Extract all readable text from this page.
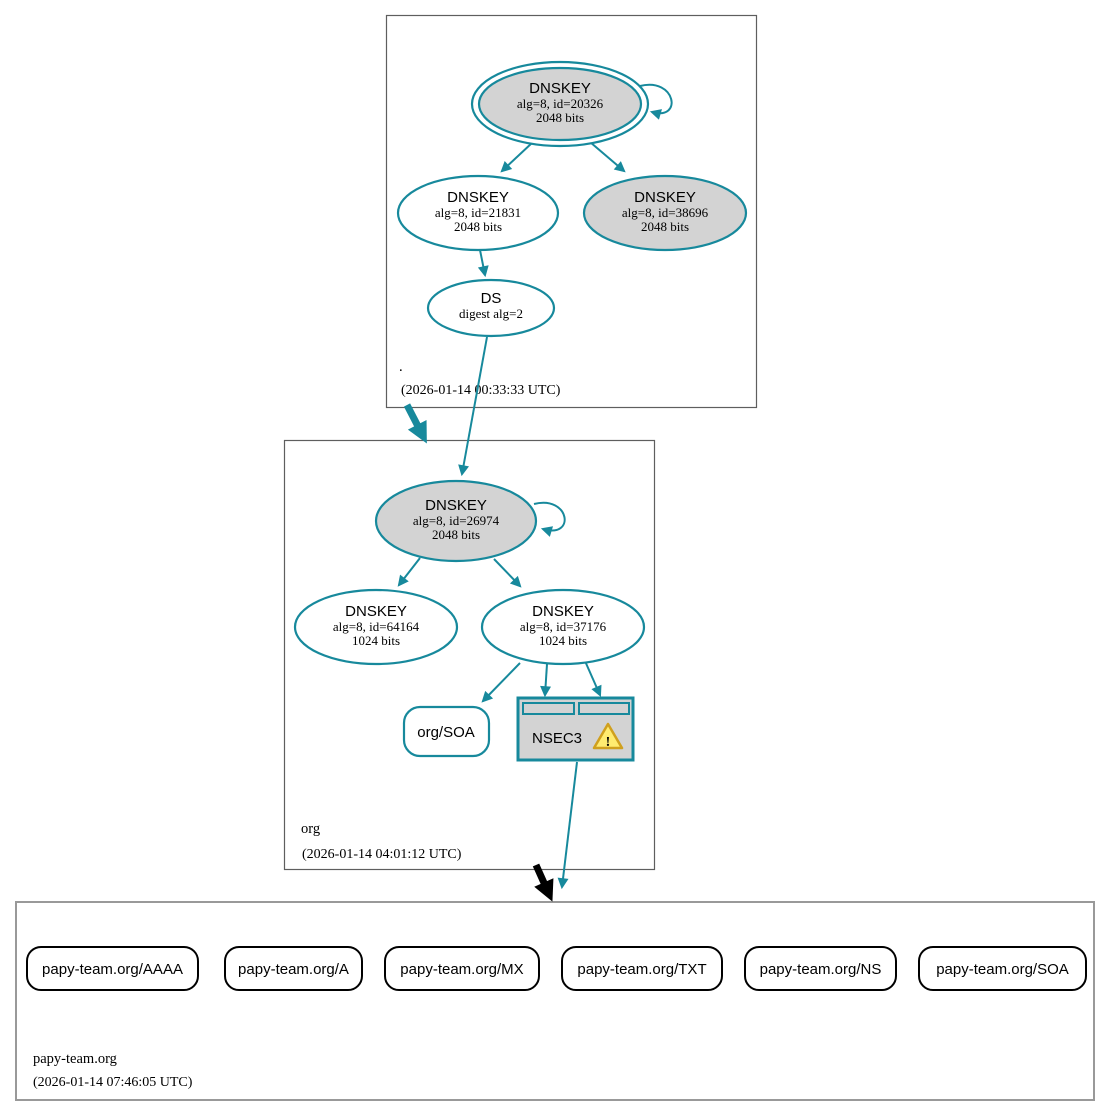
.
(2026-01-14 00:33:33 UTC)
org
(2026-01-14 04:01:12 UTC)
papy-team.org
(2026-01-14 07:46:05 UTC)
DNSKEY
alg=8, id=20326
2048 bits
DNSKEY
alg=8, id=21831
2048 bits
DNSKEY
alg=8, id=38696
2048 bits
DS
digest alg=2
DNSKEY
alg=8, id=26974
2048 bits
DNSKEY
alg=8, id=64164
1024 bits
DNSKEY
alg=8, id=37176
1024 bits
org/SOA	NSEC3 !
papy-team.org/AAAA	papy-team.org/A	papy-team.org/MX	papy-team.org/TXT	papy-team.org/NS	papy-team.org/SOA
